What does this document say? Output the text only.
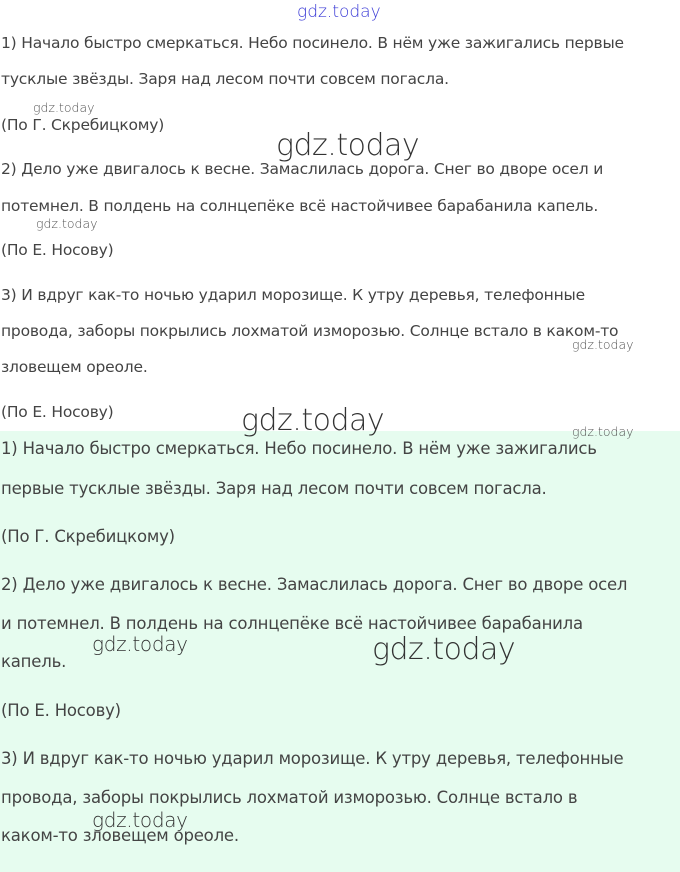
1) Начало быстро смеркаться. Небо посинело. В нём уже зажигались первые
тусклые звёзды. Заря над лесом почти совсем погасла.
(По Г. Скребицкому)
2) Дело уже двигалось к весне. Замаслилась дорога. Снег во дворе осел и
потемнел. В полдень на солнцепёке всё настойчивее барабанила капель.
(По Е. Носову)
3) И вдруг как-то ночью ударил морозище. К утру деревья, телефонные
провода, заборы покрылись лохматой изморозью. Солнце встало в каком-то
зловещем ореоле.
(По Е. Носову)
1) Начало быстро смеркаться. Небо посинело. В нём уже зажигались
первые тусклые звёзды. Заря над лесом почти совсем погасла.
(По Г. Скребицкому)
2) Дело уже двигалось к весне. Замаслилась дорога. Снег во дворе осел
и потемнел. В полдень на солнцепёке всё настойчивее барабанила
капель.
(По Е. Носову)
3) И вдруг как-то ночью ударил морозище. К утру деревья, телефонные
провода, заборы покрылись лохматой изморозью. Солнце встало в
каком-то зловещем ореоле.
gdz.today
gdz.today
gdz.today
gdz.today
gdz.today
gdz.today	gdz.today
gdz.today	gdz.today
gdz.today
